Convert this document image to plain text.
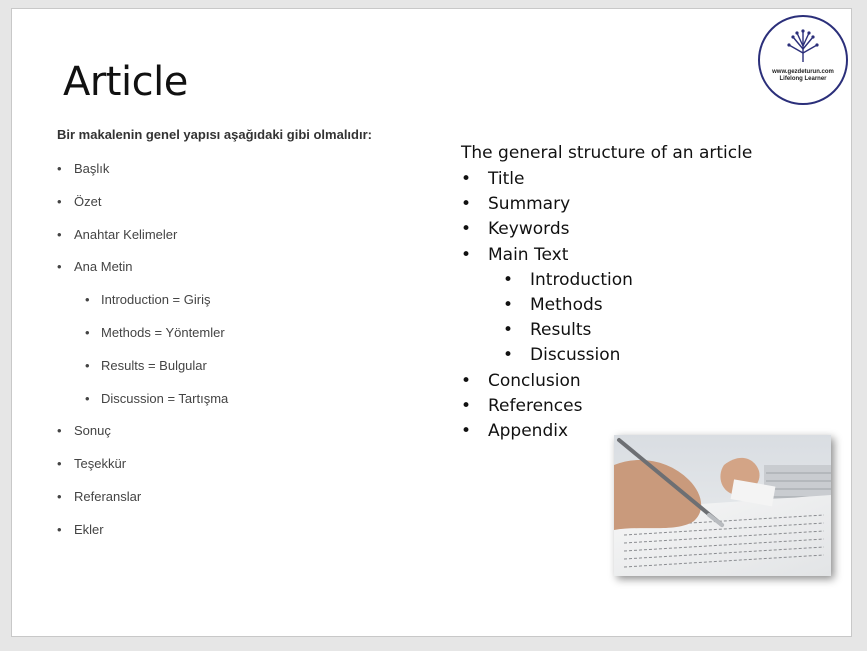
Article	www.gezdeturun.com
Lifelong Learner

Bir makalenin genel yapısı aşağıdaki gibi olmalıdır:

• Başlık
• Özet
• Anahtar Kelimeler
• Ana Metin
• Introduction = Giriş
• Methods = Yöntemler
• Results = Bulgular
• Discussion = Tartışma
• Sonuç
• Teşekkür
• Referanslar
• Ekler

The general structure of an article

• Title
• Summary
• Keywords
• Main Text
• Introduction
• Methods
• Results
• Discussion
• Conclusion
• References
• Appendix
